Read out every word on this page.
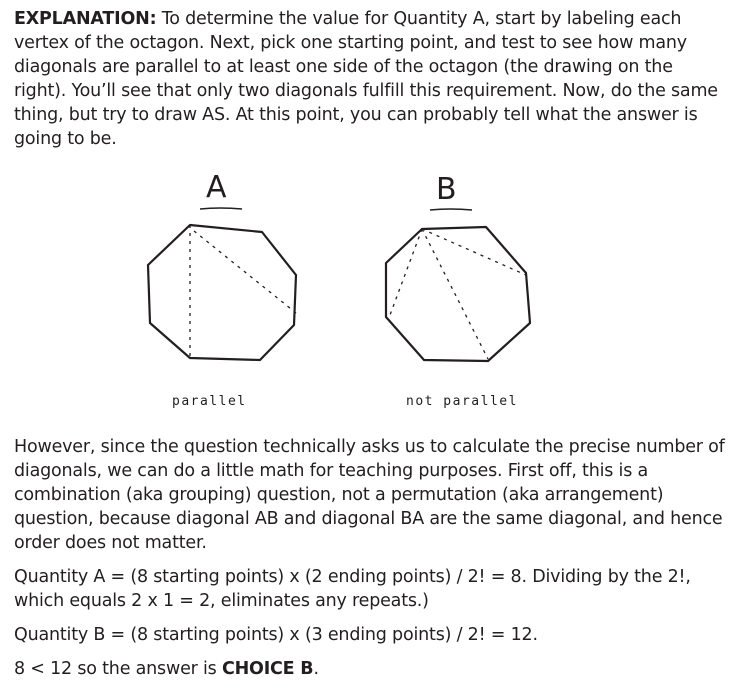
EXPLANATION: To determine the value for Quantity A, start by labeling each vertex of the octagon. Next, pick one starting point, and test to see how many diagonals are parallel to at least one side of the octagon (the drawing on the right). You’ll see that only two diagonals fulfill this requirement. Now, do the same thing, but try to draw AS. At this point, you can probably tell what the answer is going to be.

A
parallel
B
not parallel

However, since the question technically asks us to calculate the precise number of diagonals, we can do a little math for teaching purposes. First off, this is a combination (aka grouping) question, not a permutation (aka arrangement) question, because diagonal AB and diagonal BA are the same diagonal, and hence order does not matter.

Quantity A = (8 starting points) x (2 ending points) / 2! = 8. Dividing by the 2!, which equals 2 x 1 = 2, eliminates any repeats.)

Quantity B = (8 starting points) x (3 ending points) / 2! = 12.

8 < 12 so the answer is CHOICE B.
